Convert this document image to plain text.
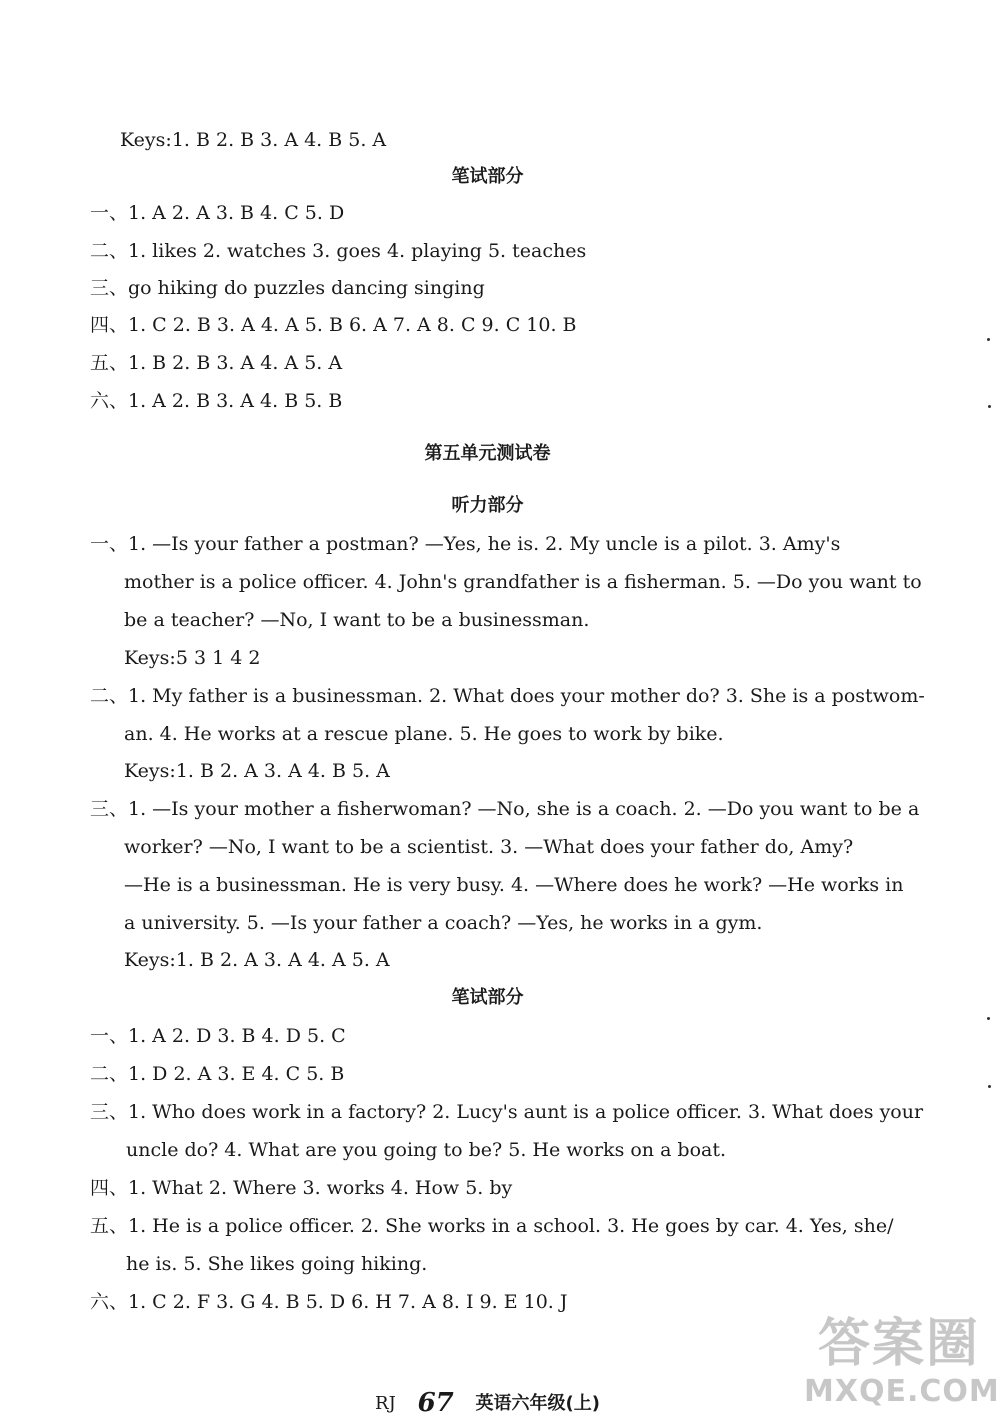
Keys:1. B 2. B 3. A 4. B 5. A
笔试部分
一、1. A 2. A 3. B 4. C 5. D
二、1. likes 2. watches 3. goes 4. playing 5. teaches
三、go hiking do puzzles dancing singing
四、1. C 2. B 3. A 4. A 5. B 6. A 7. A 8. C 9. C 10. B
五、1. B 2. B 3. A 4. A 5. A
六、1. A 2. B 3. A 4. B 5. B
第五单元测试卷
听力部分
一、1. —Is your father a postman? —Yes, he is. 2. My uncle is a pilot. 3. Amy's
mother is a police officer. 4. John's grandfather is a fisherman. 5. —Do you want to
be a teacher? —No, I want to be a businessman.
Keys:5 3 1 4 2
二、1. My father is a businessman. 2. What does your mother do? 3. She is a postwom-
an. 4. He works at a rescue plane. 5. He goes to work by bike.
Keys:1. B 2. A 3. A 4. B 5. A
三、1. —Is your mother a fisherwoman? —No, she is a coach. 2. —Do you want to be a
worker? —No, I want to be a scientist. 3. —What does your father do, Amy?
—He is a businessman. He is very busy. 4. —Where does he work? —He works in
a university. 5. —Is your father a coach? —Yes, he works in a gym.
Keys:1. B 2. A 3. A 4. A 5. A
笔试部分
一、1. A 2. D 3. B 4. D 5. C
二、1. D 2. A 3. E 4. C 5. B
三、1. Who does work in a factory? 2. Lucy's aunt is a police officer. 3. What does your
uncle do? 4. What are you going to be? 5. He works on a boat.
四、1. What 2. Where 3. works 4. How 5. by
五、1. He is a police officer. 2. She works in a school. 3. He goes by car. 4. Yes, she/
he is. 5. She likes going hiking.
六、1. C 2. F 3. G 4. B 5. D 6. H 7. A 8. I 9. E 10. J
RJ 67 英语六年级(上)
答案圈
MXQE.COM
